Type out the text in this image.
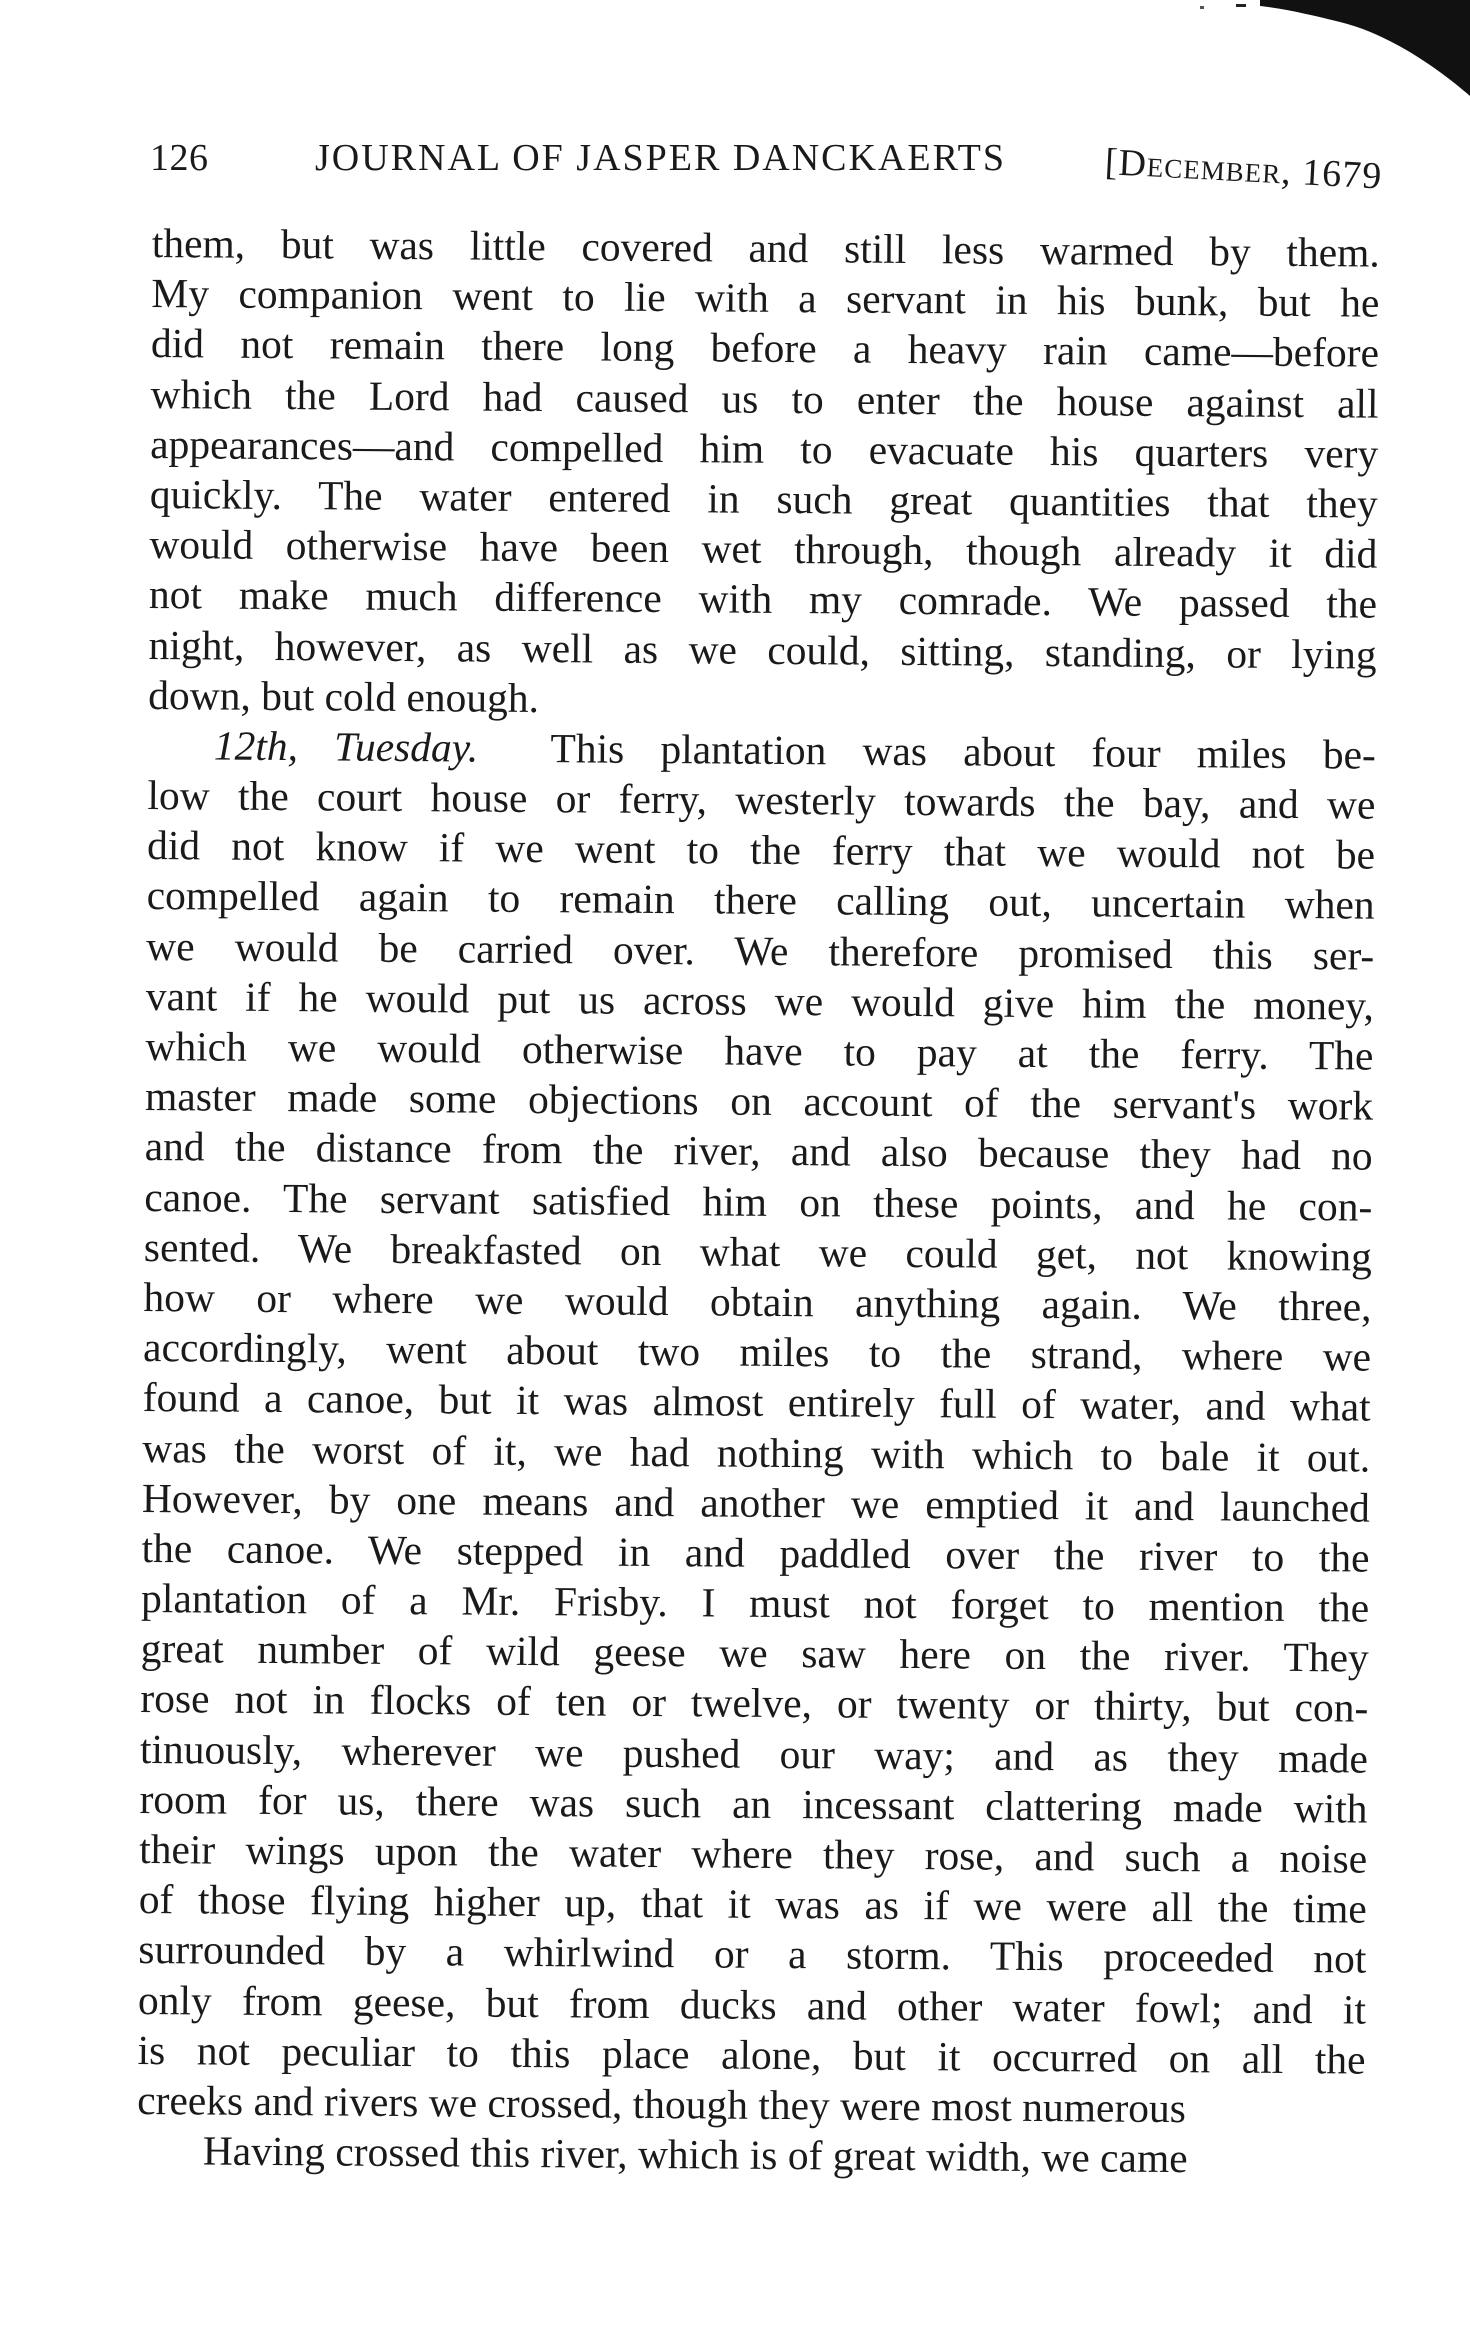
126	JOURNAL OF JASPER DANCKAERTS	[December, 1679
them, but was little covered and still less warmed by them.
My companion went to lie with a servant in his bunk, but he
did not remain there long before a heavy rain came—before
which the Lord had caused us to enter the house against all
appearances—and compelled him to evacuate his quarters very
quickly. The water entered in such great quantities that they
would otherwise have been wet through, though already it did
not make much difference with my comrade. We passed the
night, however, as well as we could, sitting, standing, or lying
down, but cold enough.
12th, Tuesday. This plantation was about four miles be-
low the court house or ferry, westerly towards the bay, and we
did not know if we went to the ferry that we would not be
compelled again to remain there calling out, uncertain when
we would be carried over. We therefore promised this ser-
vant if he would put us across we would give him the money,
which we would otherwise have to pay at the ferry. The
master made some objections on account of the servant's work
and the distance from the river, and also because they had no
canoe. The servant satisfied him on these points, and he con-
sented. We breakfasted on what we could get, not knowing
how or where we would obtain anything again. We three,
accordingly, went about two miles to the strand, where we
found a canoe, but it was almost entirely full of water, and what
was the worst of it, we had nothing with which to bale it out.
However, by one means and another we emptied it and launched
the canoe. We stepped in and paddled over the river to the
plantation of a Mr. Frisby. I must not forget to mention the
great number of wild geese we saw here on the river. They
rose not in flocks of ten or twelve, or twenty or thirty, but con-
tinuously, wherever we pushed our way; and as they made
room for us, there was such an incessant clattering made with
their wings upon the water where they rose, and such a noise
of those flying higher up, that it was as if we were all the time
surrounded by a whirlwind or a storm. This proceeded not
only from geese, but from ducks and other water fowl; and it
is not peculiar to this place alone, but it occurred on all the
creeks and rivers we crossed, though they were most numerous
Having crossed this river, which is of great width, we came
